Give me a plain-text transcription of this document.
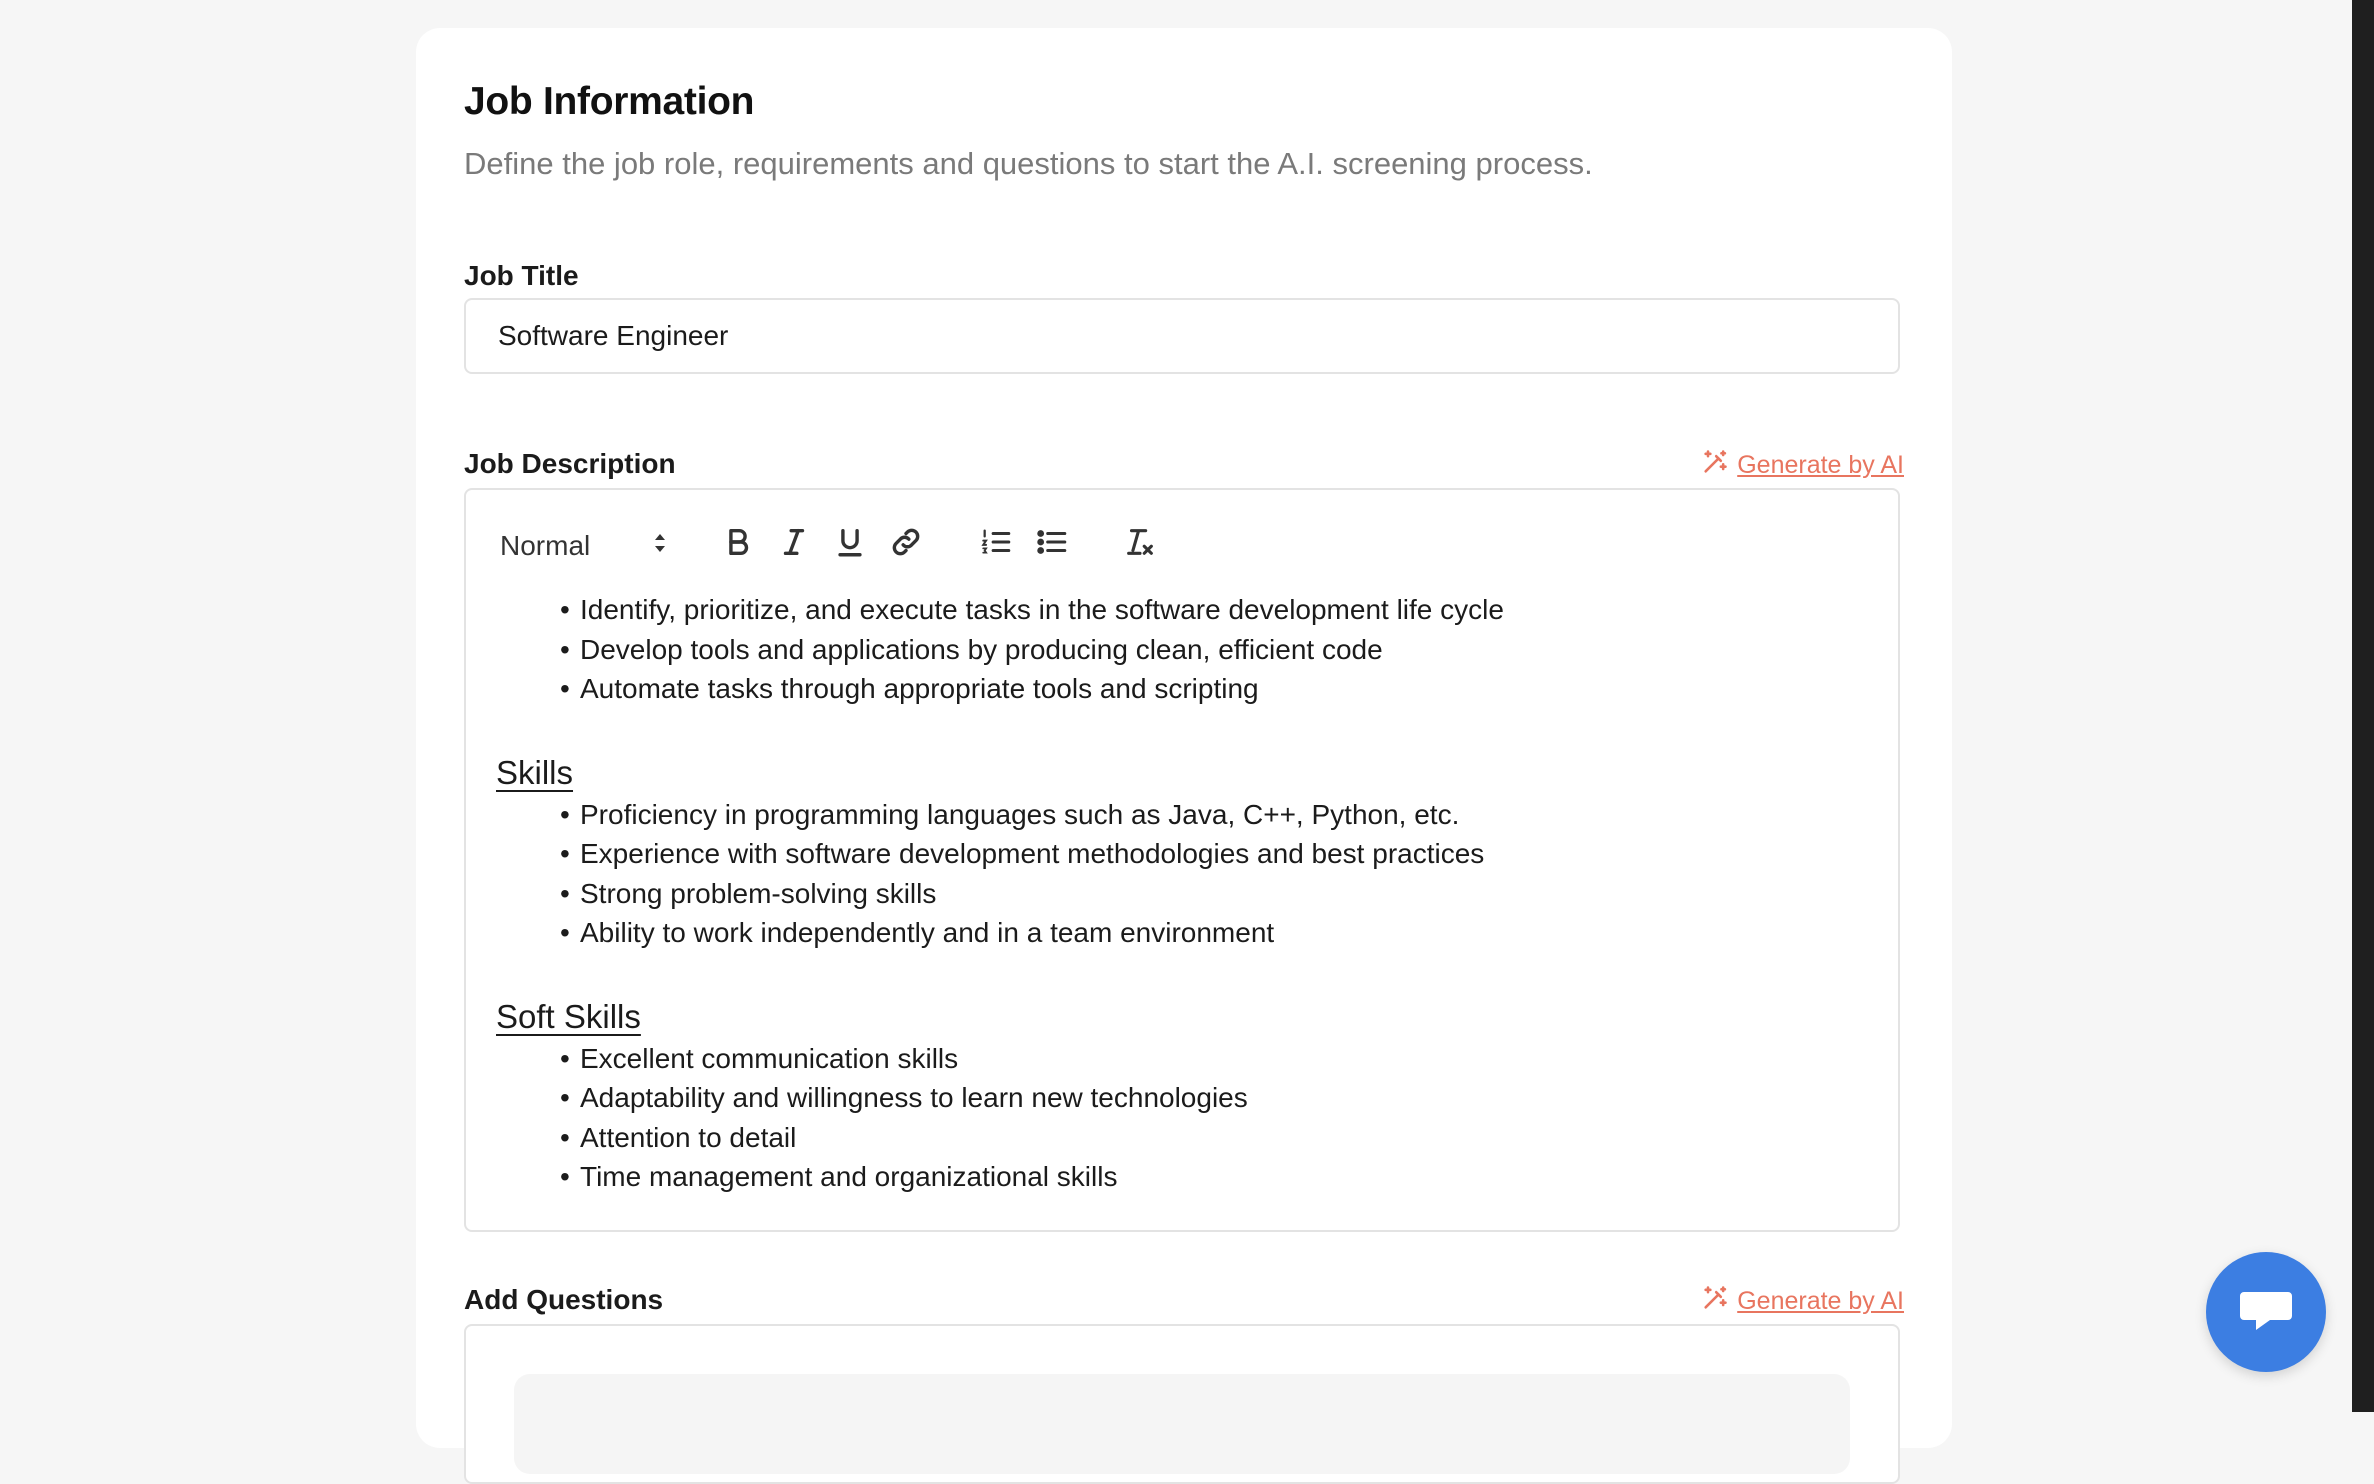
Job Information
Define the job role, requirements and questions to start the A.I. screening process.
Job Title
Software Engineer
Job Description	Generate by AI
Normal
• Identify, prioritize, and execute tasks in the software development life cycle
• Develop tools and applications by producing clean, efficient code
• Automate tasks through appropriate tools and scripting
Skills
• Proficiency in programming languages such as Java, C++, Python, etc.
• Experience with software development methodologies and best practices
• Strong problem-solving skills
• Ability to work independently and in a team environment
Soft Skills
• Excellent communication skills
• Adaptability and willingness to learn new technologies
• Attention to detail
• Time management and organizational skills
Add Questions	Generate by AI
